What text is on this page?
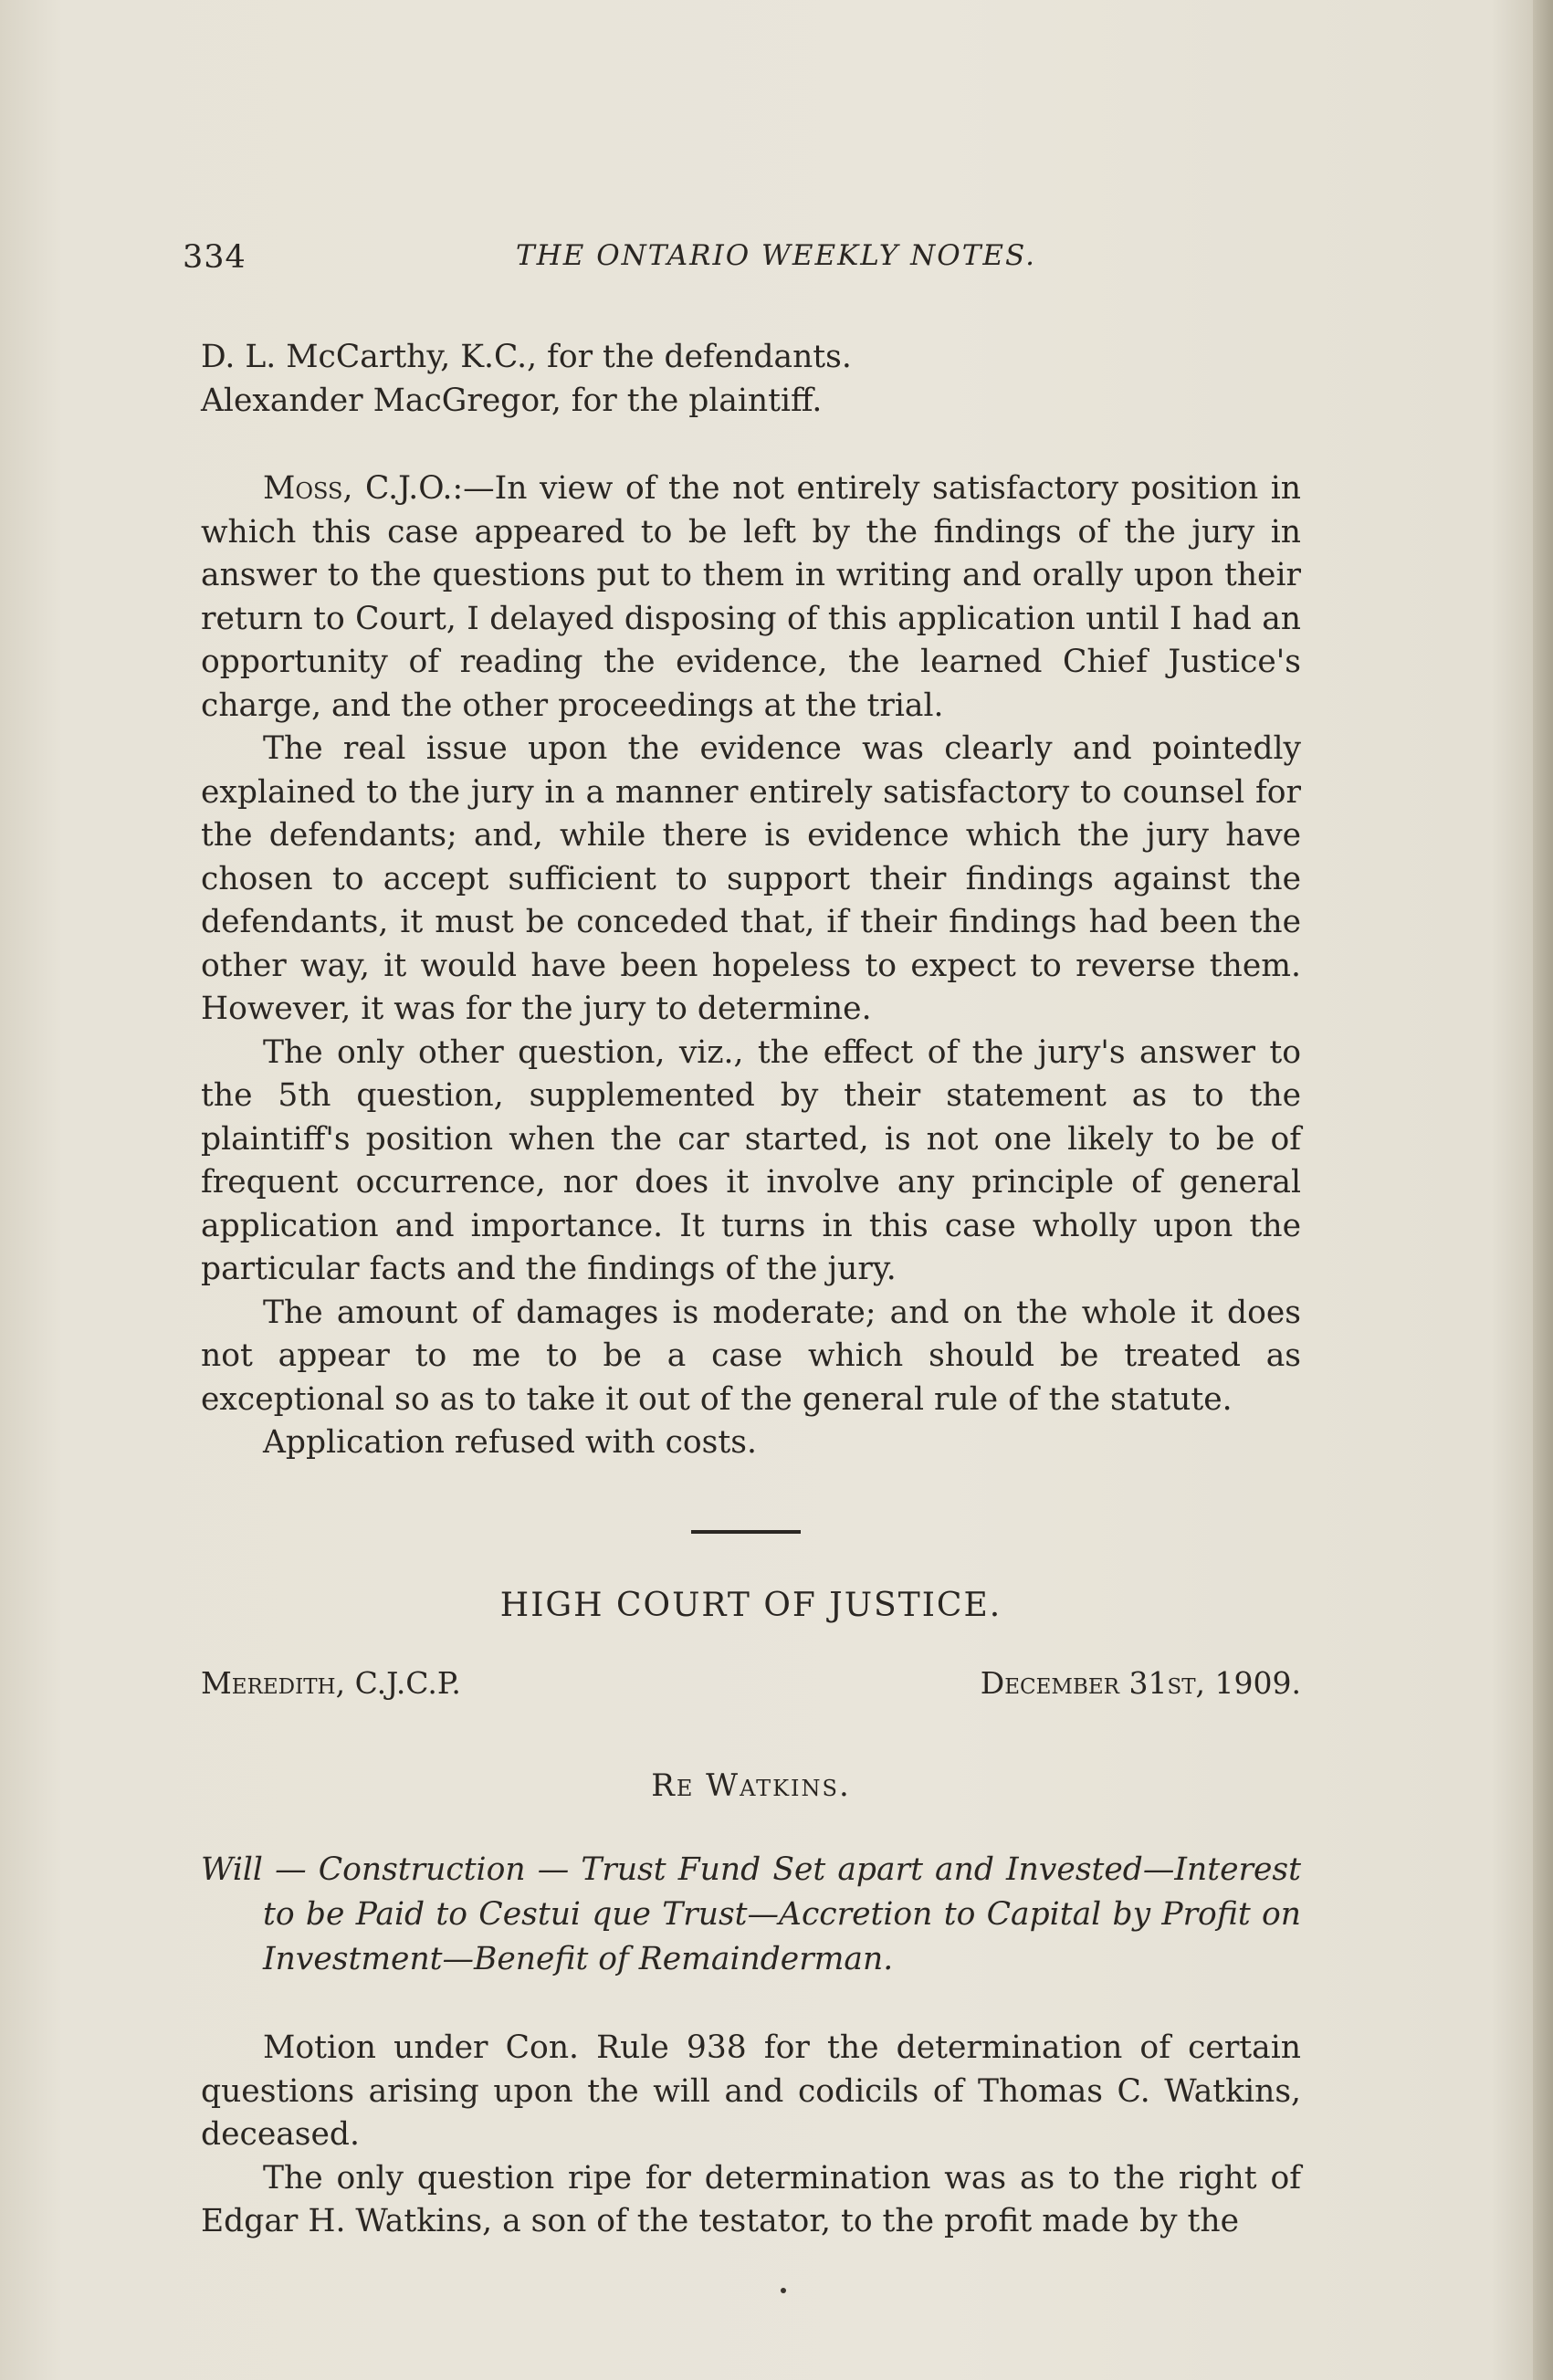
334	THE ONTARIO WEEKLY NOTES.

D. L. McCarthy, K.C., for the defendants.

Alexander MacGregor, for the plaintiff.

Moss, C.J.O.:—In view of the not entirely satisfactory position in which this case appeared to be left by the findings of the jury in answer to the questions put to them in writing and orally upon their return to Court, I delayed disposing of this application until I had an opportunity of reading the evidence, the learned Chief Justice's charge, and the other proceedings at the trial.

The real issue upon the evidence was clearly and pointedly explained to the jury in a manner entirely satisfactory to counsel for the defendants; and, while there is evidence which the jury have chosen to accept sufficient to support their findings against the defendants, it must be conceded that, if their findings had been the other way, it would have been hopeless to expect to reverse them. However, it was for the jury to determine.

The only other question, viz., the effect of the jury's answer to the 5th question, supplemented by their statement as to the plaintiff's position when the car started, is not one likely to be of frequent occurrence, nor does it involve any principle of general application and importance. It turns in this case wholly upon the particular facts and the findings of the jury.

The amount of damages is moderate; and on the whole it does not appear to me to be a case which should be treated as exceptional so as to take it out of the general rule of the statute.

Application refused with costs.

HIGH COURT OF JUSTICE.
Meredith, C.J.C.P.	December 31st, 1909.
Re Watkins.
Will — Construction — Trust Fund Set apart and Invested—Interest to be Paid to Cestui que Trust—Accretion to Capital by Profit on Investment—Benefit of Remainderman.

Motion under Con. Rule 938 for the determination of certain questions arising upon the will and codicils of Thomas C. Watkins, deceased.

The only question ripe for determination was as to the right of Edgar H. Watkins, a son of the testator, to the profit made by the
